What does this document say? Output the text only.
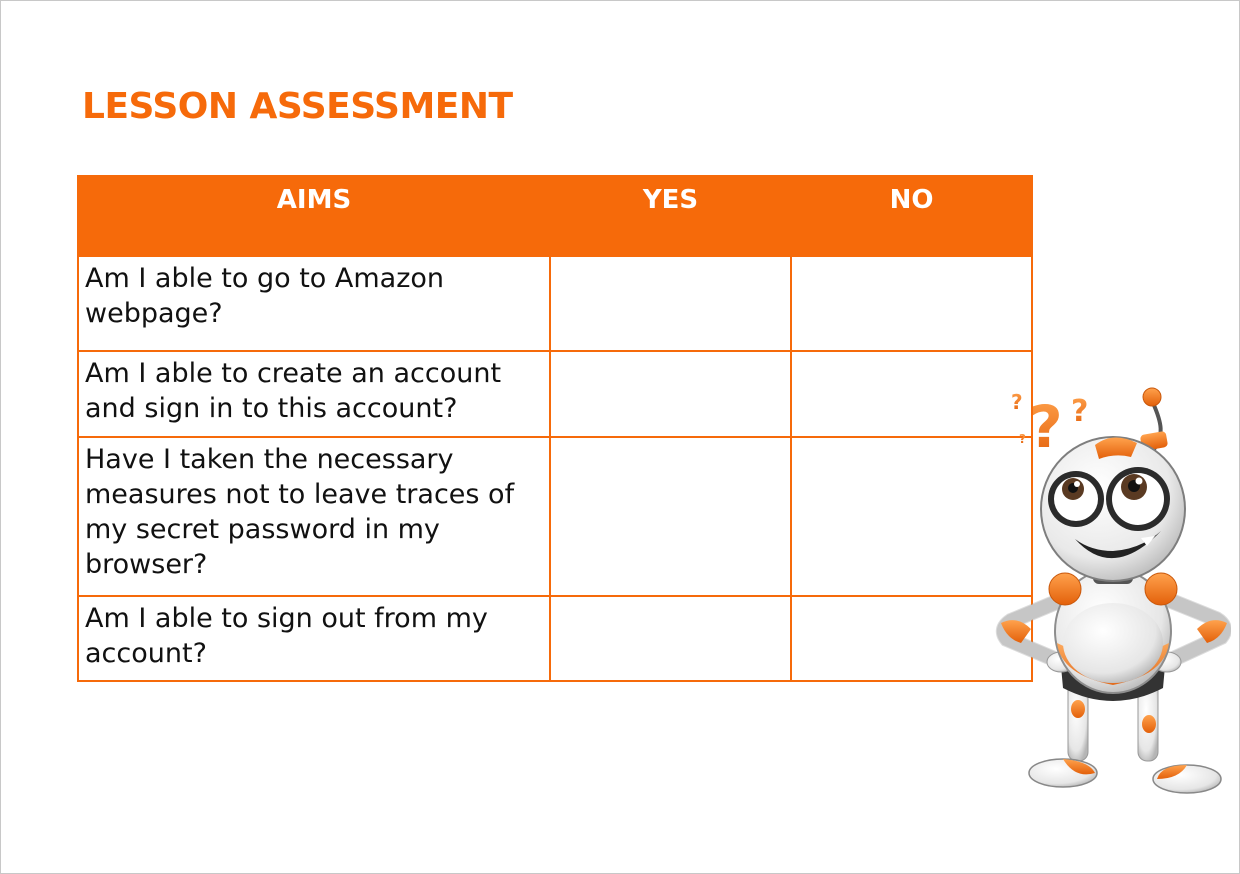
LESSON ASSESSMENT
AIMS	YES	NO
Am I able to go to Amazon webpage?		
Am I able to create an account and sign in to this account?		
Have I taken the necessary measures not to leave traces of my secret password in my browser?		
Am I able to sign out from my account?		
? ? ?
?
